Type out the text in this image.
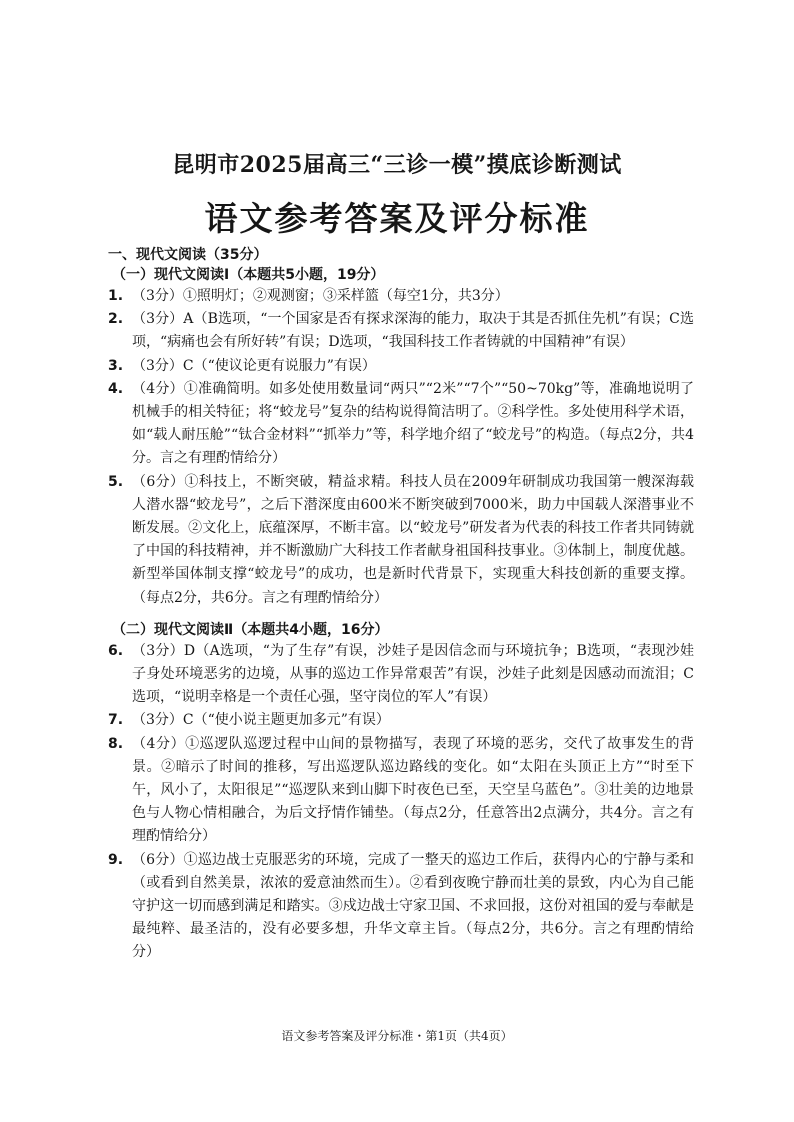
昆明市2025届高三“三诊一模”摸底诊断测试
语文参考答案及评分标准

一、现代文阅读（35分）

（一）现代文阅读Ⅰ（本题共5小题，19分）

1. （3分）①照明灯；②观测窗；③采样篮（每空1分，共3分）
2. （3分）A（B选项，“一个国家是否有探求深海的能力，取决于其是否抓住先机”有误；C选项，“病痛也会有所好转”有误；D选项，“我国科技工作者铸就的中国精神”有误）
3. （3分）C（“使议论更有说服力”有误）
4. （4分）①准确简明。如多处使用数量词“两只”“2米”“7个”“50~70kg”等，准确地说明了机械手的相关特征；将“蛟龙号”复杂的结构说得简洁明了。②科学性。多处使用科学术语，如“载人耐压舱”“钛合金材料”“抓举力”等，科学地介绍了“蛟龙号”的构造。（每点2分，共4分。言之有理酌情给分）
5. （6分）①科技上，不断突破，精益求精。科技人员在2009年研制成功我国第一艘深海载人潜水器“蛟龙号”，之后下潜深度由600米不断突破到7000米，助力中国载人深潜事业不断发展。②文化上，底蕴深厚，不断丰富。以“蛟龙号”研发者为代表的科技工作者共同铸就了中国的科技精神，并不断激励广大科技工作者献身祖国科技事业。③体制上，制度优越。新型举国体制支撑“蛟龙号”的成功，也是新时代背景下，实现重大科技创新的重要支撑。（每点2分，共6分。言之有理酌情给分）

（二）现代文阅读Ⅱ（本题共4小题，16分）

6. （3分）D（A选项，“为了生存”有误，沙娃子是因信念而与环境抗争；B选项，“表现沙娃子身处环境恶劣的边境，从事的巡边工作异常艰苦”有误，沙娃子此刻是因感动而流泪；C选项，“说明幸格是一个责任心强，坚守岗位的军人”有误）
7. （3分）C（“使小说主题更加多元”有误）
8. （4分）①巡逻队巡逻过程中山间的景物描写，表现了环境的恶劣，交代了故事发生的背景。②暗示了时间的推移，写出巡逻队巡边路线的变化。如“太阳在头顶正上方”“时至下午，风小了，太阳很足”“巡逻队来到山脚下时夜色已至，天空呈乌蓝色”。③壮美的边地景色与人物心情相融合，为后文抒情作铺垫。（每点2分，任意答出2点满分，共4分。言之有理酌情给分）
9. （6分）①巡边战士克服恶劣的环境，完成了一整天的巡边工作后，获得内心的宁静与柔和（或看到自然美景，浓浓的爱意油然而生）。②看到夜晚宁静而壮美的景致，内心为自己能守护这一切而感到满足和踏实。③戍边战士守家卫国、不求回报，这份对祖国的爱与奉献是最纯粹、最圣洁的，没有必要多想，升华文章主旨。（每点2分，共6分。言之有理酌情给分）

语文参考答案及评分标准・第1页（共4页）
